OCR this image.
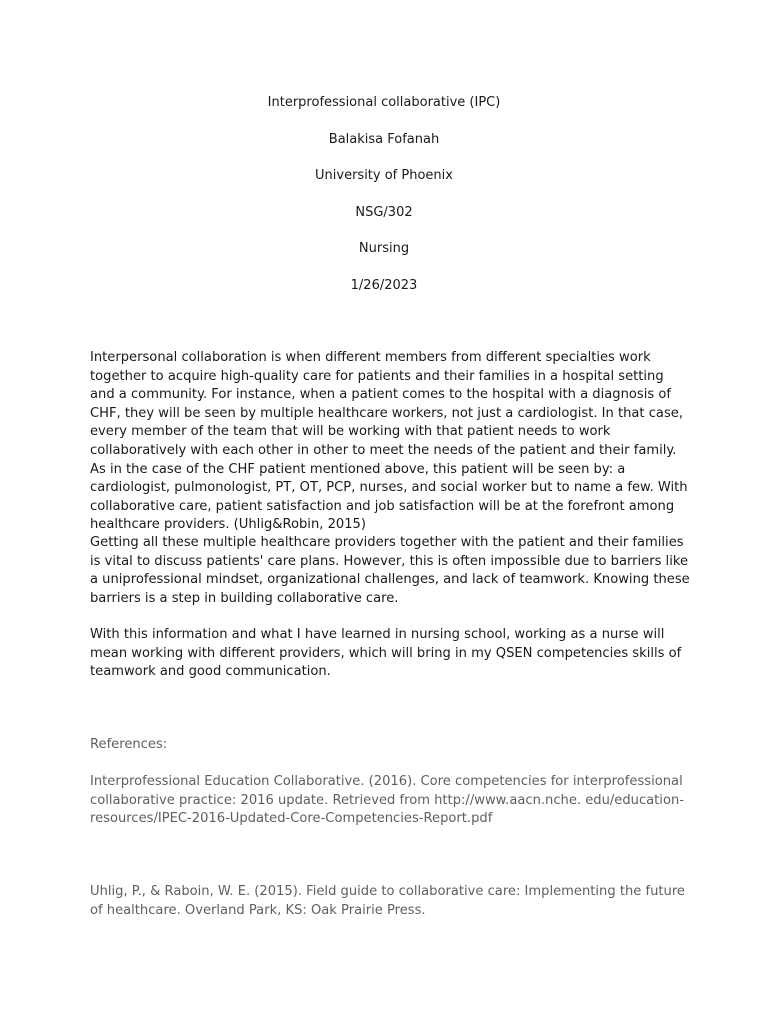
Interprofessional collaborative (IPC)
Balakisa Fofanah
University of Phoenix
NSG/302
Nursing
1/26/2023

Interpersonal collaboration is when different members from different specialties work together to acquire high-quality care for patients and their families in a hospital setting and a community. For instance, when a patient comes to the hospital with a diagnosis of CHF, they will be seen by multiple healthcare workers, not just a cardiologist. In that case, every member of the team that will be working with that patient needs to work collaboratively with each other in other to meet the needs of the patient and their family. As in the case of the CHF patient mentioned above, this patient will be seen by: a cardiologist, pulmonologist, PT, OT, PCP, nurses, and social worker but to name a few. With collaborative care, patient satisfaction and job satisfaction will be at the forefront among healthcare providers. (Uhlig&Robin, 2015)

Getting all these multiple healthcare providers together with the patient and their families is vital to discuss patients' care plans. However, this is often impossible due to barriers like a uniprofessional mindset, organizational challenges, and lack of teamwork. Knowing these barriers is a step in building collaborative care.

With this information and what I have learned in nursing school, working as a nurse will mean working with different providers, which will bring in my QSEN competencies skills of teamwork and good communication.

References:

Interprofessional Education Collaborative. (2016). Core competencies for interprofessional collaborative practice: 2016 update. Retrieved from http://www.aacn.nche. edu/education-resources/IPEC-2016-Updated-Core-Competencies-Report.pdf

Uhlig, P., & Raboin, W. E. (2015). Field guide to collaborative care: Implementing the future of healthcare. Overland Park, KS: Oak Prairie Press.
